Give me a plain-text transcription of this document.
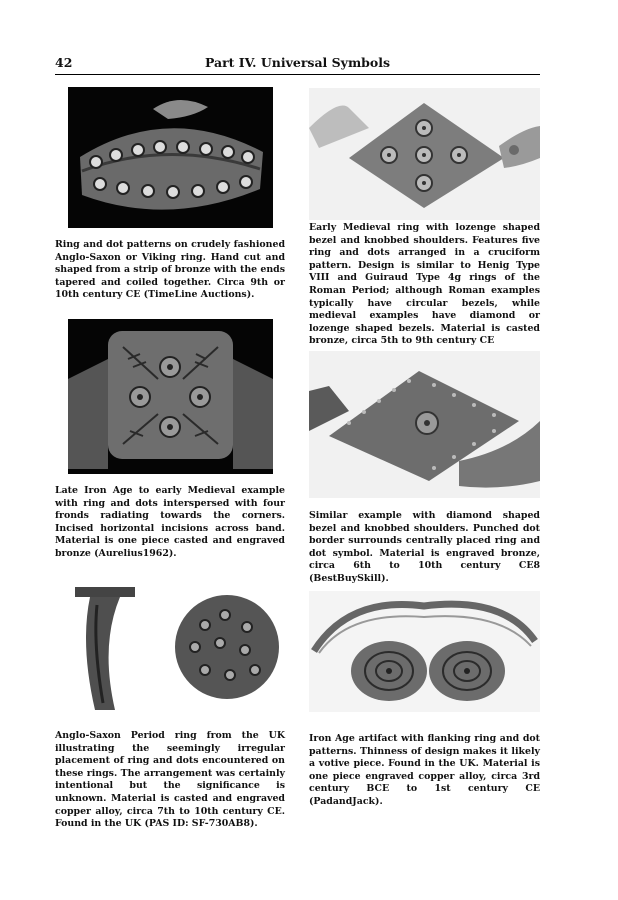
42	Part IV. Universal Symbols

Ring and dot patterns on crudely fashioned Anglo-Saxon or Viking ring. Hand cut and shaped from a strip of bronze with the ends tapered and coiled together. Circa 9th or 10th century CE (TimeLine Auctions).

Early Medieval ring with lozenge shaped bezel and knobbed shoulders. Features five ring and dots arranged in a cruciform pattern. Design is similar to Henig Type VIII and Guiraud Type 4g rings of the Roman Period; although Roman examples typically have circular bezels, while medieval examples have diamond or lozenge shaped bezels. Material is casted bronze, circa 5th to 9th century CE

Late Iron Age to early Medieval example with ring and dots interspersed with four fronds radiating towards the corners. Incised horizontal incisions across band. Material is one piece casted and engraved bronze (Aurelius1962).

Similar example with diamond shaped bezel and knobbed shoulders. Punched dot border surrounds centrally placed ring and dot symbol. Material is engraved bronze, circa 6th to 10th century CE8 (BestBuySkill).

Anglo-Saxon Period ring from the UK illustrating the seemingly irregular placement of ring and dots encountered on these rings. The arrangement was certainly intentional but the significance is unknown. Material is casted and engraved copper alloy, circa 7th to 10th century CE. Found in the UK (PAS ID: SF-730AB8).

Iron Age artifact with flanking ring and dot patterns. Thinness of design makes it likely a votive piece. Found in the UK. Material is one piece engraved copper alloy, circa 3rd century BCE to 1st century CE (PadandJack).
